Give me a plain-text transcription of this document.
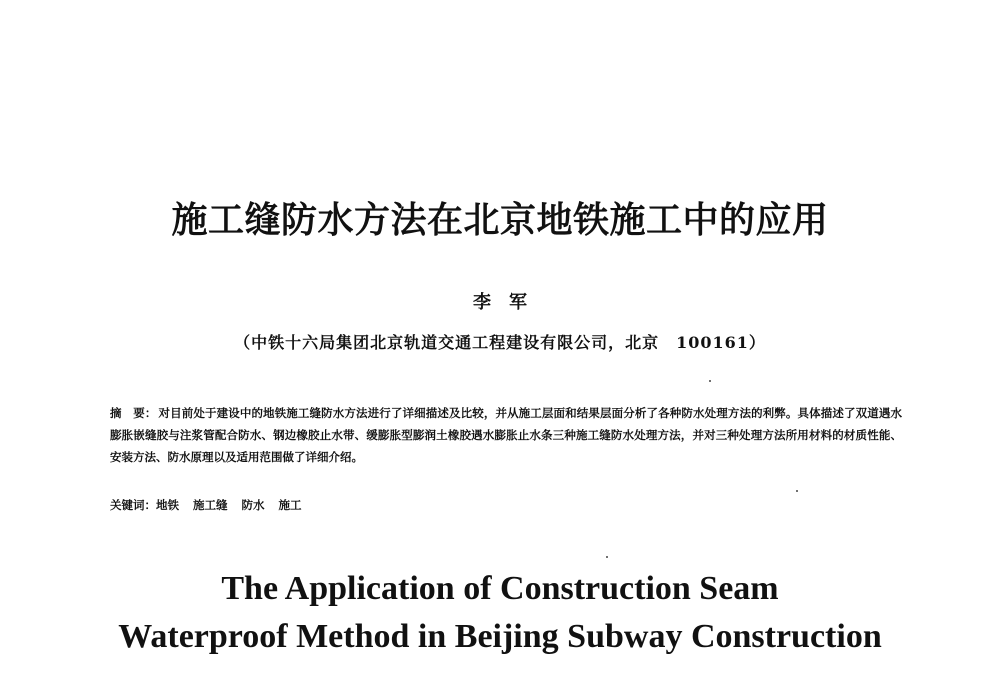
施工缝防水方法在北京地铁施工中的应用
李　军
（中铁十六局集团北京轨道交通工程建设有限公司，北京　100161）
摘　要： 对目前处于建设中的地铁施工缝防水方法进行了详细描述及比较，并从施工层面和结果层面分析了各种防水处理方法的利弊。具体描述了双道遇水膨胀嵌缝胶与注浆管配合防水、钢边橡胶止水带、缓膨胀型膨润土橡胶遇水膨胀止水条三种施工缝防水处理方法，并对三种处理方法所用材料的材质性能、安装方法、防水原理以及适用范围做了详细介绍。
关键词：地铁 施工缝 防水 施工
The Application of Construction Seam
Waterproof Method in Beijing Subway Construction
